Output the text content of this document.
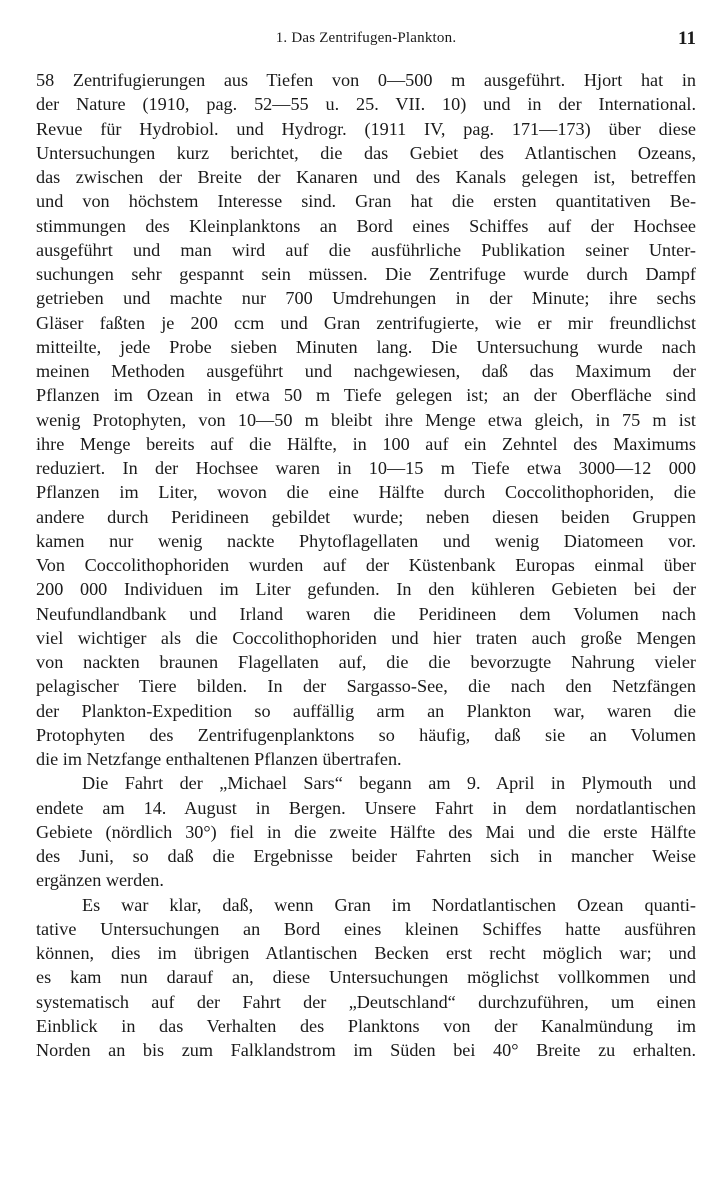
1. Das Zentrifugen-Plankton.	11
58 Zentrifugierungen aus Tiefen von 0—500 m ausgeführt. Hjort hat in
der Nature (1910, pag. 52—55 u. 25. VII. 10) und in der International.
Revue für Hydrobiol. und Hydrogr. (1911 IV, pag. 171—173) über diese
Untersuchungen kurz berichtet, die das Gebiet des Atlantischen Ozeans,
das zwischen der Breite der Kanaren und des Kanals gelegen ist, betreffen
und von höchstem Interesse sind. Gran hat die ersten quantitativen Be-
stimmungen des Kleinplanktons an Bord eines Schiffes auf der Hochsee
ausgeführt und man wird auf die ausführliche Publikation seiner Unter-
suchungen sehr gespannt sein müssen. Die Zentrifuge wurde durch Dampf
getrieben und machte nur 700 Umdrehungen in der Minute; ihre sechs
Gläser faßten je 200 ccm und Gran zentrifugierte, wie er mir freundlichst
mitteilte, jede Probe sieben Minuten lang. Die Untersuchung wurde nach
meinen Methoden ausgeführt und nachgewiesen, daß das Maximum der
Pflanzen im Ozean in etwa 50 m Tiefe gelegen ist; an der Oberfläche sind
wenig Protophyten, von 10—50 m bleibt ihre Menge etwa gleich, in 75 m ist
ihre Menge bereits auf die Hälfte, in 100 auf ein Zehntel des Maximums
reduziert. In der Hochsee waren in 10—15 m Tiefe etwa 3000—12 000
Pflanzen im Liter, wovon die eine Hälfte durch Coccolithophoriden, die
andere durch Peridineen gebildet wurde; neben diesen beiden Gruppen
kamen nur wenig nackte Phytoflagellaten und wenig Diatomeen vor.
Von Coccolithophoriden wurden auf der Küstenbank Europas einmal über
200 000 Individuen im Liter gefunden. In den kühleren Gebieten bei der
Neufundlandbank und Irland waren die Peridineen dem Volumen nach
viel wichtiger als die Coccolithophoriden und hier traten auch große Mengen
von nackten braunen Flagellaten auf, die die bevorzugte Nahrung vieler
pelagischer Tiere bilden. In der Sargasso-See, die nach den Netzfängen
der Plankton-Expedition so auffällig arm an Plankton war, waren die
Protophyten des Zentrifugenplanktons so häufig, daß sie an Volumen
die im Netzfange enthaltenen Pflanzen übertrafen.
Die Fahrt der „Michael Sars“ begann am 9. April in Plymouth und
endete am 14. August in Bergen. Unsere Fahrt in dem nordatlantischen
Gebiete (nördlich 30°) fiel in die zweite Hälfte des Mai und die erste Hälfte
des Juni, so daß die Ergebnisse beider Fahrten sich in mancher Weise
ergänzen werden.
Es war klar, daß, wenn Gran im Nordatlantischen Ozean quanti-
tative Untersuchungen an Bord eines kleinen Schiffes hatte ausführen
können, dies im übrigen Atlantischen Becken erst recht möglich war; und
es kam nun darauf an, diese Untersuchungen möglichst vollkommen und
systematisch auf der Fahrt der „Deutschland“ durchzuführen, um einen
Einblick in das Verhalten des Planktons von der Kanalmündung im
Norden an bis zum Falklandstrom im Süden bei 40° Breite zu erhalten.
